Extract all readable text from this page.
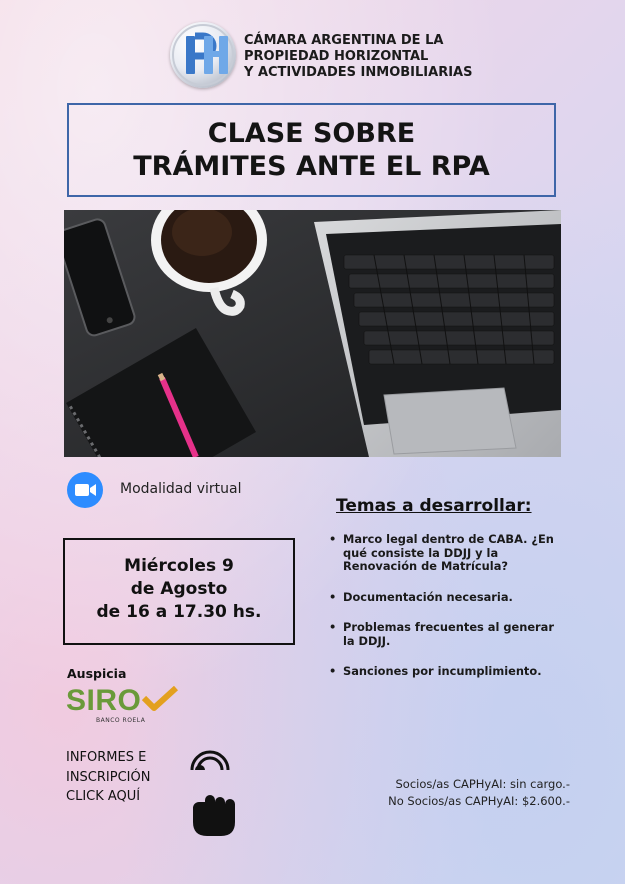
CÁMARA ARGENTINA DE LA
PROPIEDAD HORIZONTAL
Y ACTIVIDADES INMOBILIARIAS
CLASE SOBRE
TRÁMITES ANTE EL RPA
Modalidad virtual
Temas a desarrollar:
• Marco legal dentro de CABA. ¿En qué consiste la DDJJ y la Renovación de Matrícula?
• Documentación necesaria.
• Problemas frecuentes al generar la DDJJ.
• Sanciones por incumplimiento.
Miércoles 9
de Agosto
de 16 a 17.30 hs.
Auspicia
SIRO
BANCO ROELA
INFORMES E
INSCRIPCIÓN
CLICK AQUÍ
Socios/as CAPHyAI: sin cargo.-
No Socios/as CAPHyAI: $2.600.-
